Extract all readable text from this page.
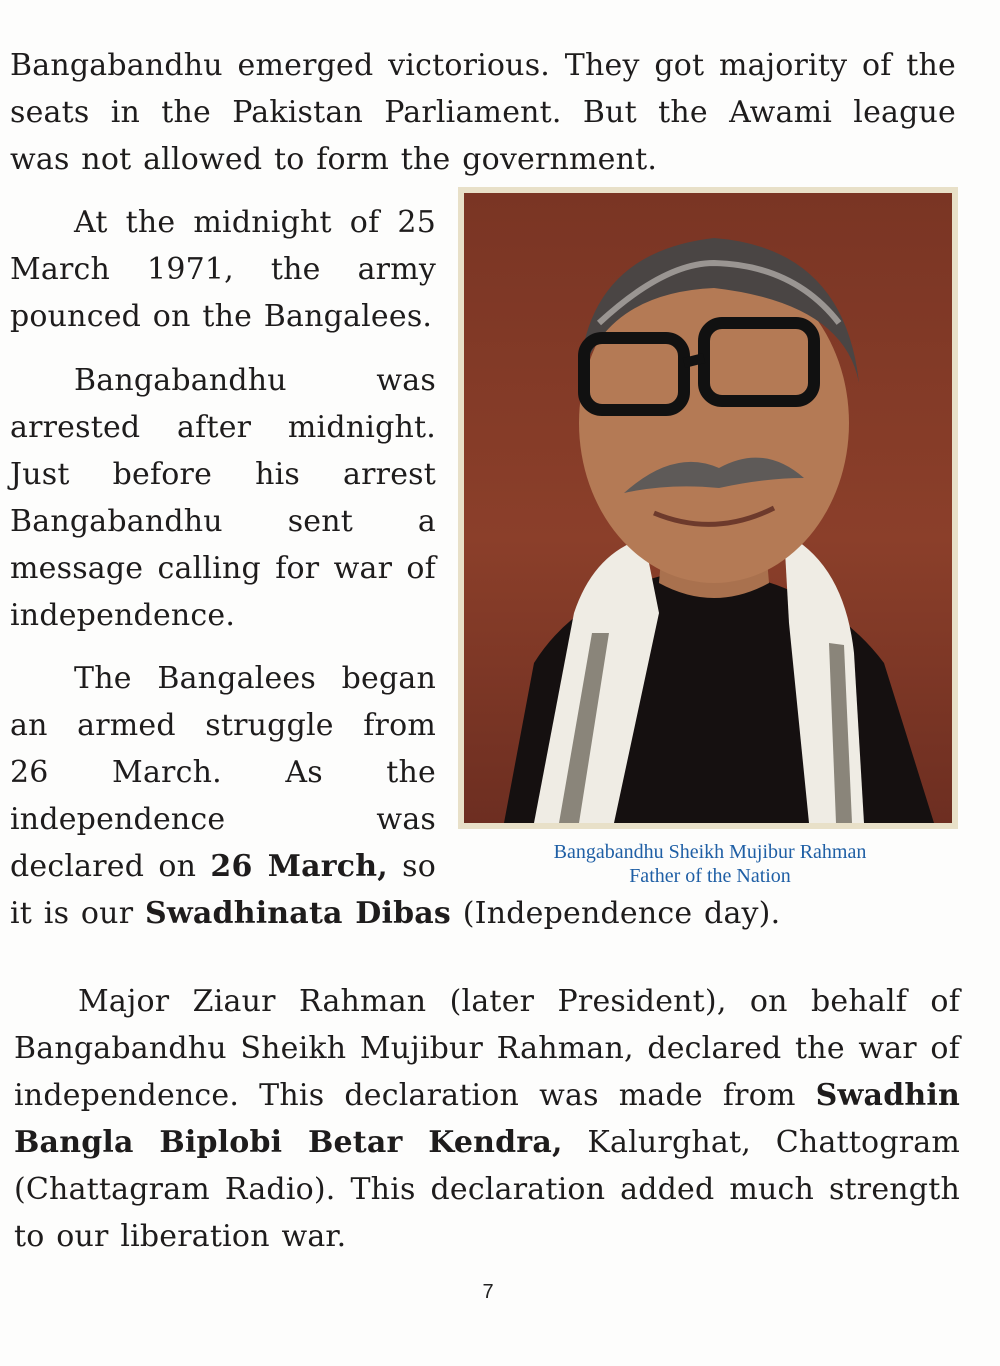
Bangabandhu emerged victorious. They got majority of the
seats in the Pakistan Parliament. But the Awami league
was not allowed to form the government.
At the midnight of 25
March 1971, the army
pounced on the Bangalees.
Bangabandhu was
arrested after midnight.
Just before his arrest
Bangabandhu sent a
message calling for war of
independence.
The Bangalees began
an armed struggle from
26 March. As the
independence was
declared on 26 March, so
it is our Swadhinata Dibas (Independence day).
Bangabandhu Sheikh Mujibur Rahman
Father of the Nation
Major Ziaur Rahman (later President), on behalf of
Bangabandhu Sheikh Mujibur Rahman, declared the war of
independence. This declaration was made from Swadhin
Bangla Biplobi Betar Kendra, Kalurghat, Chattogram
(Chattagram Radio). This declaration added much strength
to our liberation war.
7
